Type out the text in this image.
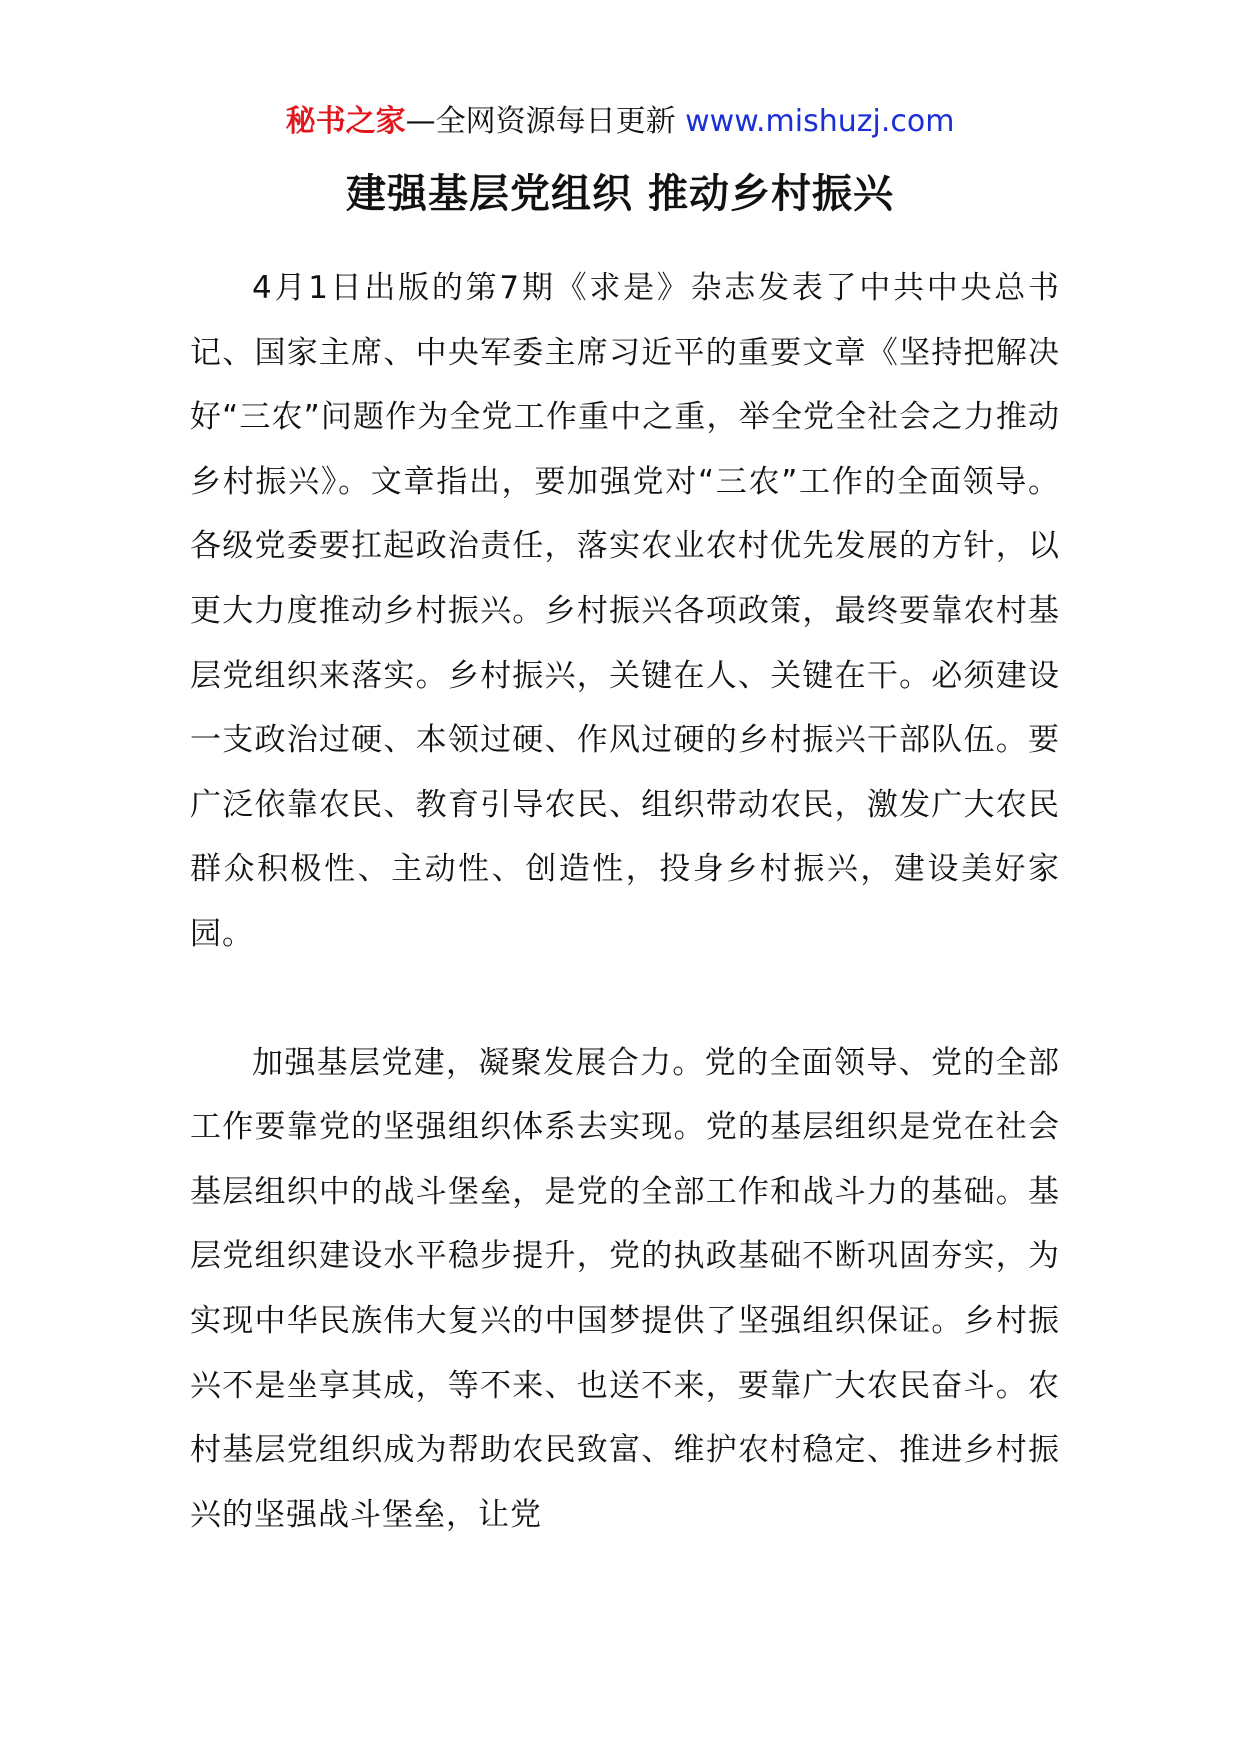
秘书之家—全网资源每日更新 www.mishuzj.com
建强基层党组织 推动乡村振兴

4月1日出版的第7期《求是》杂志发表了中共中央总书记、国家主席、中央军委主席习近平的重要文章《坚持把解决好“三农”问题作为全党工作重中之重，举全党全社会之力推动乡村振兴》。文章指出，要加强党对“三农”工作的全面领导。各级党委要扛起政治责任，落实农业农村优先发展的方针，以更大力度推动乡村振兴。乡村振兴各项政策，最终要靠农村基层党组织来落实。乡村振兴，关键在人、关键在干。必须建设一支政治过硬、本领过硬、作风过硬的乡村振兴干部队伍。要广泛依靠农民、教育引导农民、组织带动农民，激发广大农民群众积极性、主动性、创造性，投身乡村振兴，建设美好家园。

加强基层党建，凝聚发展合力。党的全面领导、党的全部工作要靠党的坚强组织体系去实现。党的基层组织是党在社会基层组织中的战斗堡垒，是党的全部工作和战斗力的基础。基层党组织建设水平稳步提升，党的执政基础不断巩固夯实，为实现中华民族伟大复兴的中国梦提供了坚强组织保证。乡村振兴不是坐享其成，等不来、也送不来，要靠广大农民奋斗。农村基层党组织成为帮助农民致富、维护农村稳定、推进乡村振兴的坚强战斗堡垒，让党
